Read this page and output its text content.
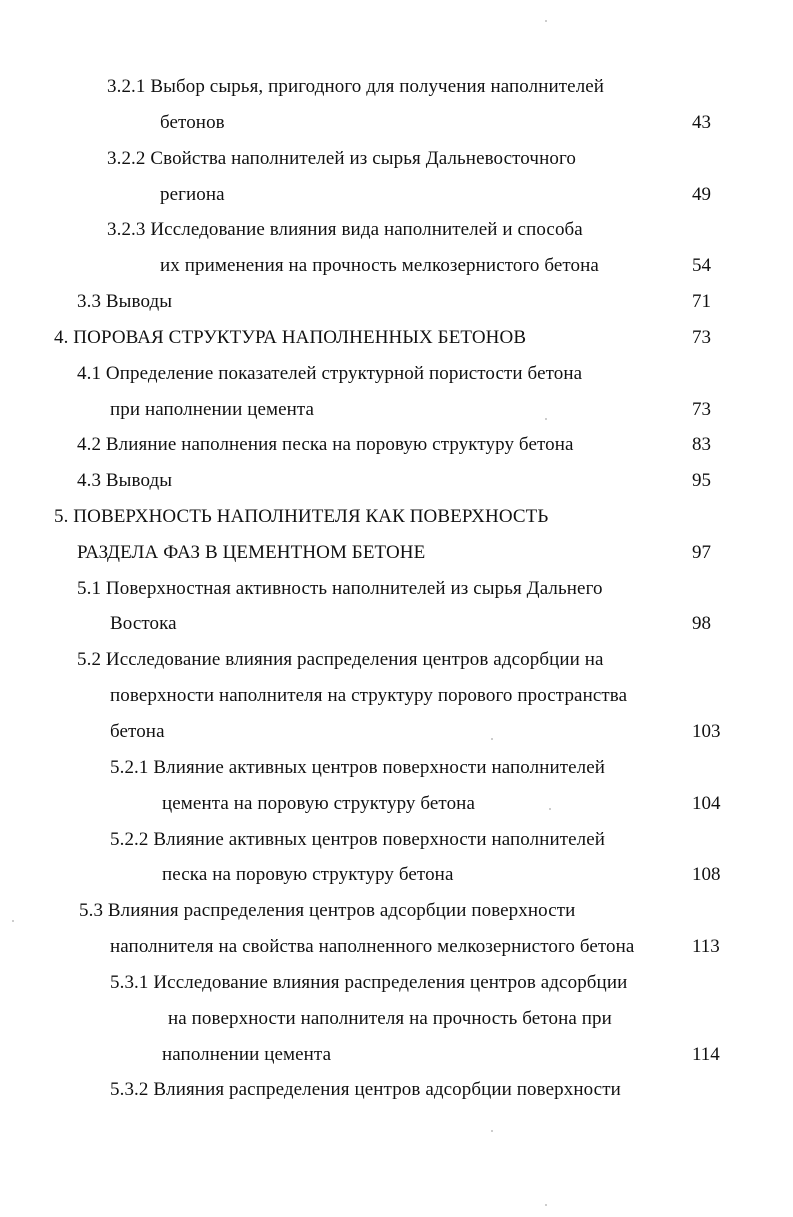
3.2.1 Выбор сырья, пригодного для получения наполнителей
бетонов	43
3.2.2 Свойства наполнителей из сырья Дальневосточного
региона	49
3.2.3 Исследование влияния вида наполнителей и способа
их применения на прочность мелкозернистого бетона	54
3.3 Выводы	71
4. ПОРОВАЯ СТРУКТУРА НАПОЛНЕННЫХ БЕТОНОВ	73
4.1 Определение показателей структурной пористости бетона
при наполнении цемента	73
4.2 Влияние наполнения песка на поровую структуру бетона	83
4.3 Выводы	95
5. ПОВЕРХНОСТЬ НАПОЛНИТЕЛЯ КАК ПОВЕРХНОСТЬ
РАЗДЕЛА ФАЗ В ЦЕМЕНТНОМ БЕТОНЕ	97
5.1 Поверхностная активность наполнителей из сырья Дальнего
Востока	98
5.2 Исследование влияния распределения центров адсорбции на
поверхности наполнителя на структуру порового пространства
бетона	103
5.2.1 Влияние активных центров поверхности наполнителей
цемента на поровую структуру бетона	104
5.2.2 Влияние активных центров поверхности наполнителей
песка на поровую структуру бетона	108
5.3 Влияния распределения центров адсорбции поверхности
наполнителя на свойства наполненного мелкозернистого бетона	113
5.3.1 Исследование влияния распределения центров адсорбции
на поверхности наполнителя на прочность бетона при
наполнении цемента	114
5.3.2 Влияния распределения центров адсорбции поверхности
